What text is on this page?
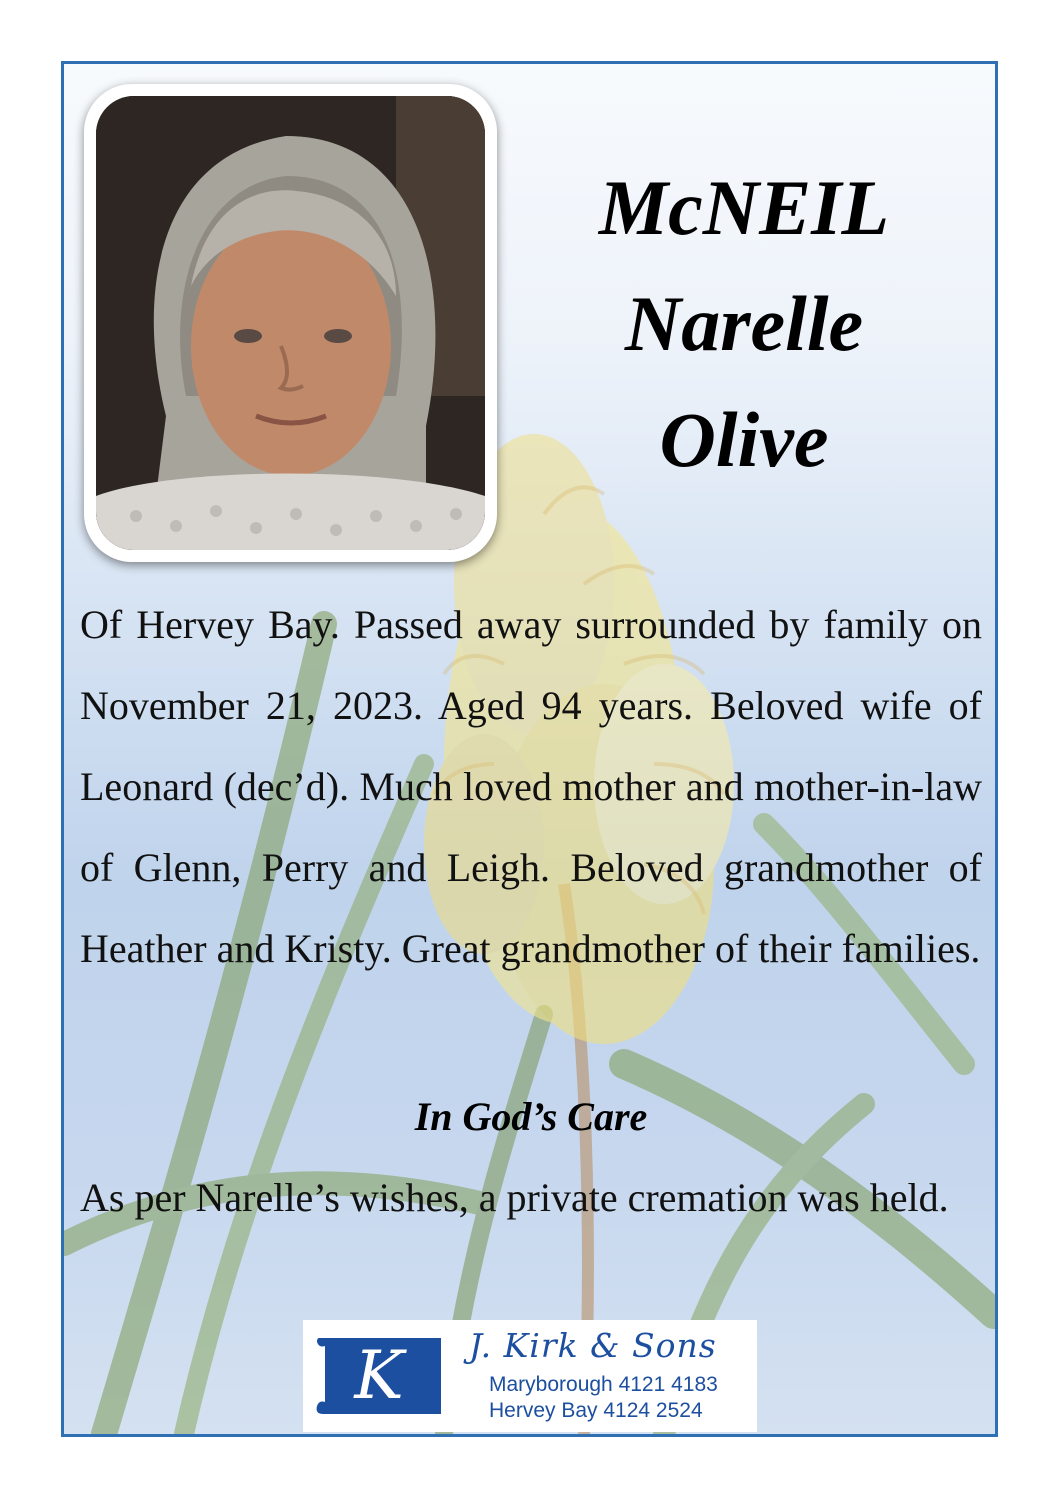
McNEIL
Narelle
Olive
Of Hervey Bay. Passed away surrounded by family on November 21, 2023. Aged 94 years. Beloved wife of Leonard (dec’d). Much loved mother and mother-in-law of Glenn, Perry and Leigh. Beloved grandmother of Heather and Kristy. Great grandmother of their families.
In God’s Care
As per Narelle’s wishes, a private cremation was held.
K J. Kirk & Sons
Maryborough 4121 4183
Hervey Bay 4124 2524
